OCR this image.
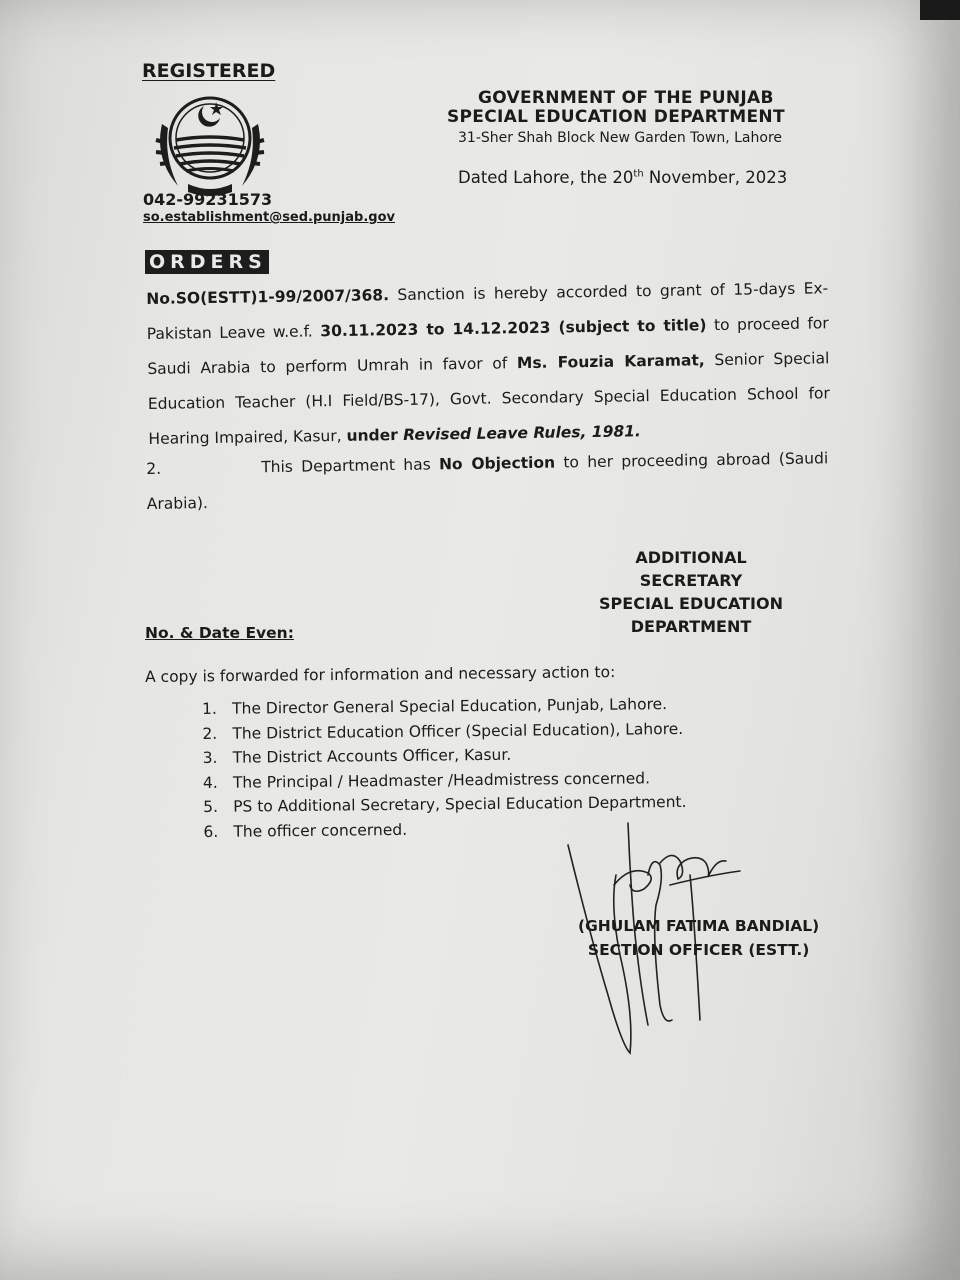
REGISTERED
042-99231573
so.establishment@sed.punjab.gov
GOVERNMENT OF THE PUNJAB
SPECIAL EDUCATION DEPARTMENT
31-Sher Shah Block New Garden Town, Lahore
Dated Lahore, the 20th November, 2023
ORDERS
No.SO(ESTT)1-99/2007/368. Sanction is hereby accorded to grant of 15-days Ex-Pakistan Leave w.e.f. 30.11.2023 to 14.12.2023 (subject to title) to proceed for Saudi Arabia to perform Umrah in favor of Ms. Fouzia Karamat, Senior Special Education Teacher (H.I Field/BS-17), Govt. Secondary Special Education School for Hearing Impaired, Kasur, under Revised Leave Rules, 1981.
2.	This Department has No Objection to her proceeding abroad (Saudi Arabia).
ADDITIONAL SECRETARY
SPECIAL EDUCATION
DEPARTMENT
No. & Date Even:
A copy is forwarded for information and necessary action to:
1. The Director General Special Education, Punjab, Lahore.
2. The District Education Officer (Special Education), Lahore.
3. The District Accounts Officer, Kasur.
4. The Principal / Headmaster /Headmistress concerned.
5. PS to Additional Secretary, Special Education Department.
6. The officer concerned.
(GHULAM FATIMA BANDIAL)
SECTION OFFICER (ESTT.)
